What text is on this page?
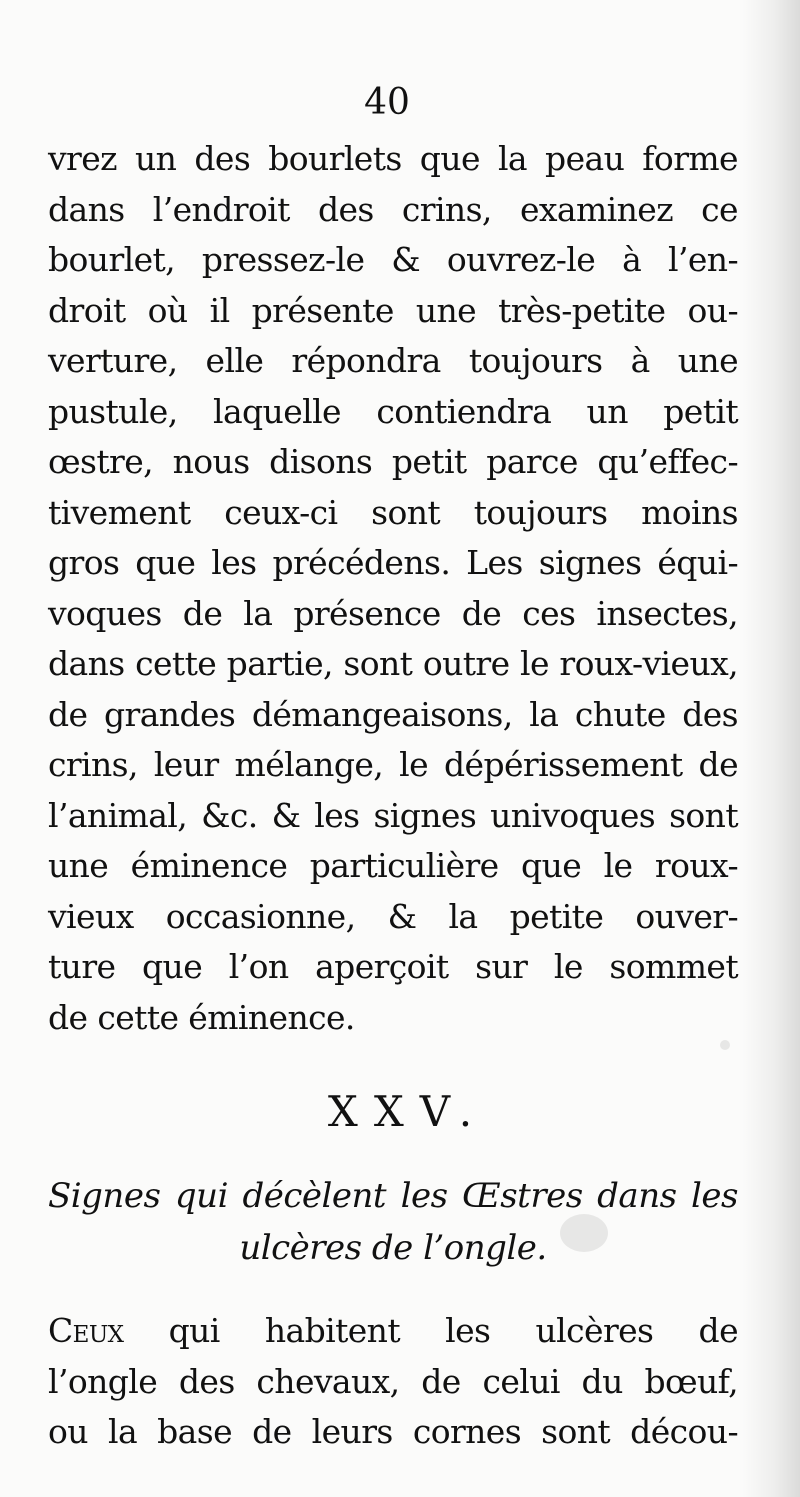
40
vrez un des bourlets que la peau forme
dans l’endroit des crins, examinez ce
bourlet, pressez-le & ouvrez-le à l’en-
droit où il présente une très-petite ou-
verture, elle répondra toujours à une
pustule, laquelle contiendra un petit
œstre, nous disons petit parce qu’effec-
tivement ceux-ci sont toujours moins
gros que les précédens. Les signes équi-
voques de la présence de ces insectes,
dans cette partie, sont outre le roux-vieux,
de grandes démangeaisons, la chute des
crins, leur mélange, le dépérissement de
l’animal, &c. & les signes univoques sont
une éminence particulière que le roux-
vieux occasionne, & la petite ouver-
ture que l’on aperçoit sur le sommet
de cette éminence.
XXV.
Signes qui décèlent les Œstres dans les
ulcères de l’ongle.
Ceux qui habitent les ulcères de
l’ongle des chevaux, de celui du bœuf,
ou la base de leurs cornes sont décou-
